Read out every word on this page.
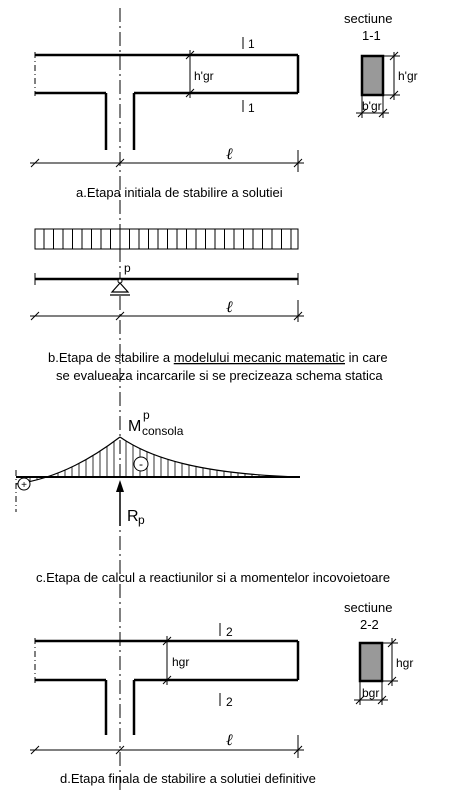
1
1
h'gr
ℓ
a.Etapa initiala de stabilire a solutiei
sectiune
1-1
h'gr
b'gr
p
ℓ
b.Etapa de stabilire a modelului mecanic matematic in care
se evalueaza incarcarile si se precizeaza schema statica
-
+
M
p
consola
R p
c.Etapa de calcul a reactiunilor si a momentelor incovoietoare
2
2
hgr
ℓ
d.Etapa finala de stabilire a solutiei definitive
sectiune
2-2
hgr
bgr
